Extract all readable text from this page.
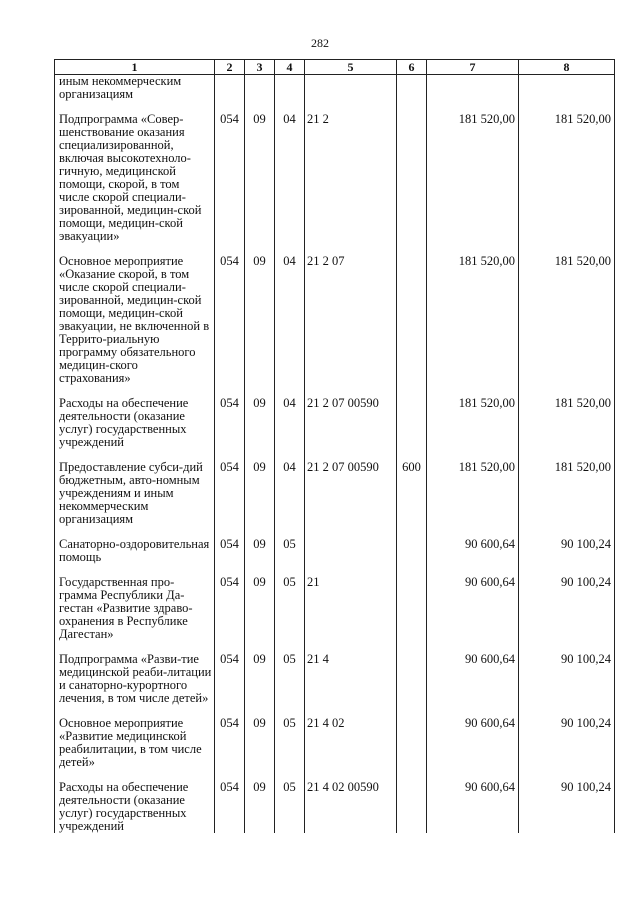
282
1	2	3	4	5	6	7	8
иным некоммерческим организациям							

Подпрограмма «Совер-шенствование оказания специализированной, включая высокотехноло-гичную, медицинской помощи, скорой, в том числе скорой специали-зированной, медицин-ской помощи, медицин-ской эвакуации»	054	09	04	21 2		181 520,00	181 520,00

Основное мероприятие «Оказание скорой, в том числе скорой специали-зированной, медицин-ской помощи, медицин-ской эвакуации, не включенной в Террито-риальную программу обязательного медицин-ского страхования»	054	09	04	21 2 07		181 520,00	181 520,00

Расходы на обеспечение деятельности (оказание услуг) государственных учреждений	054	09	04	21 2 07 00590		181 520,00	181 520,00

Предоставление субси-дий бюджетным, авто-номным учреждениям и иным некоммерческим организациям	054	09	04	21 2 07 00590	600	181 520,00	181 520,00

Санаторно-оздоровительная помощь	054	09	05			90 600,64	90 100,24

Государственная про-грамма Республики Да-гестан «Развитие здраво-охранения в Республике Дагестан»	054	09	05	21		90 600,64	90 100,24

Подпрограмма «Разви-тие медицинской реаби-литации и санаторно-курортного лечения, в том числе детей»	054	09	05	21 4		90 600,64	90 100,24

Основное мероприятие «Развитие медицинской реабилитации, в том числе детей»	054	09	05	21 4 02		90 600,64	90 100,24

Расходы на обеспечение деятельности (оказание услуг) государственных учреждений	054	09	05	21 4 02 00590		90 600,64	90 100,24
